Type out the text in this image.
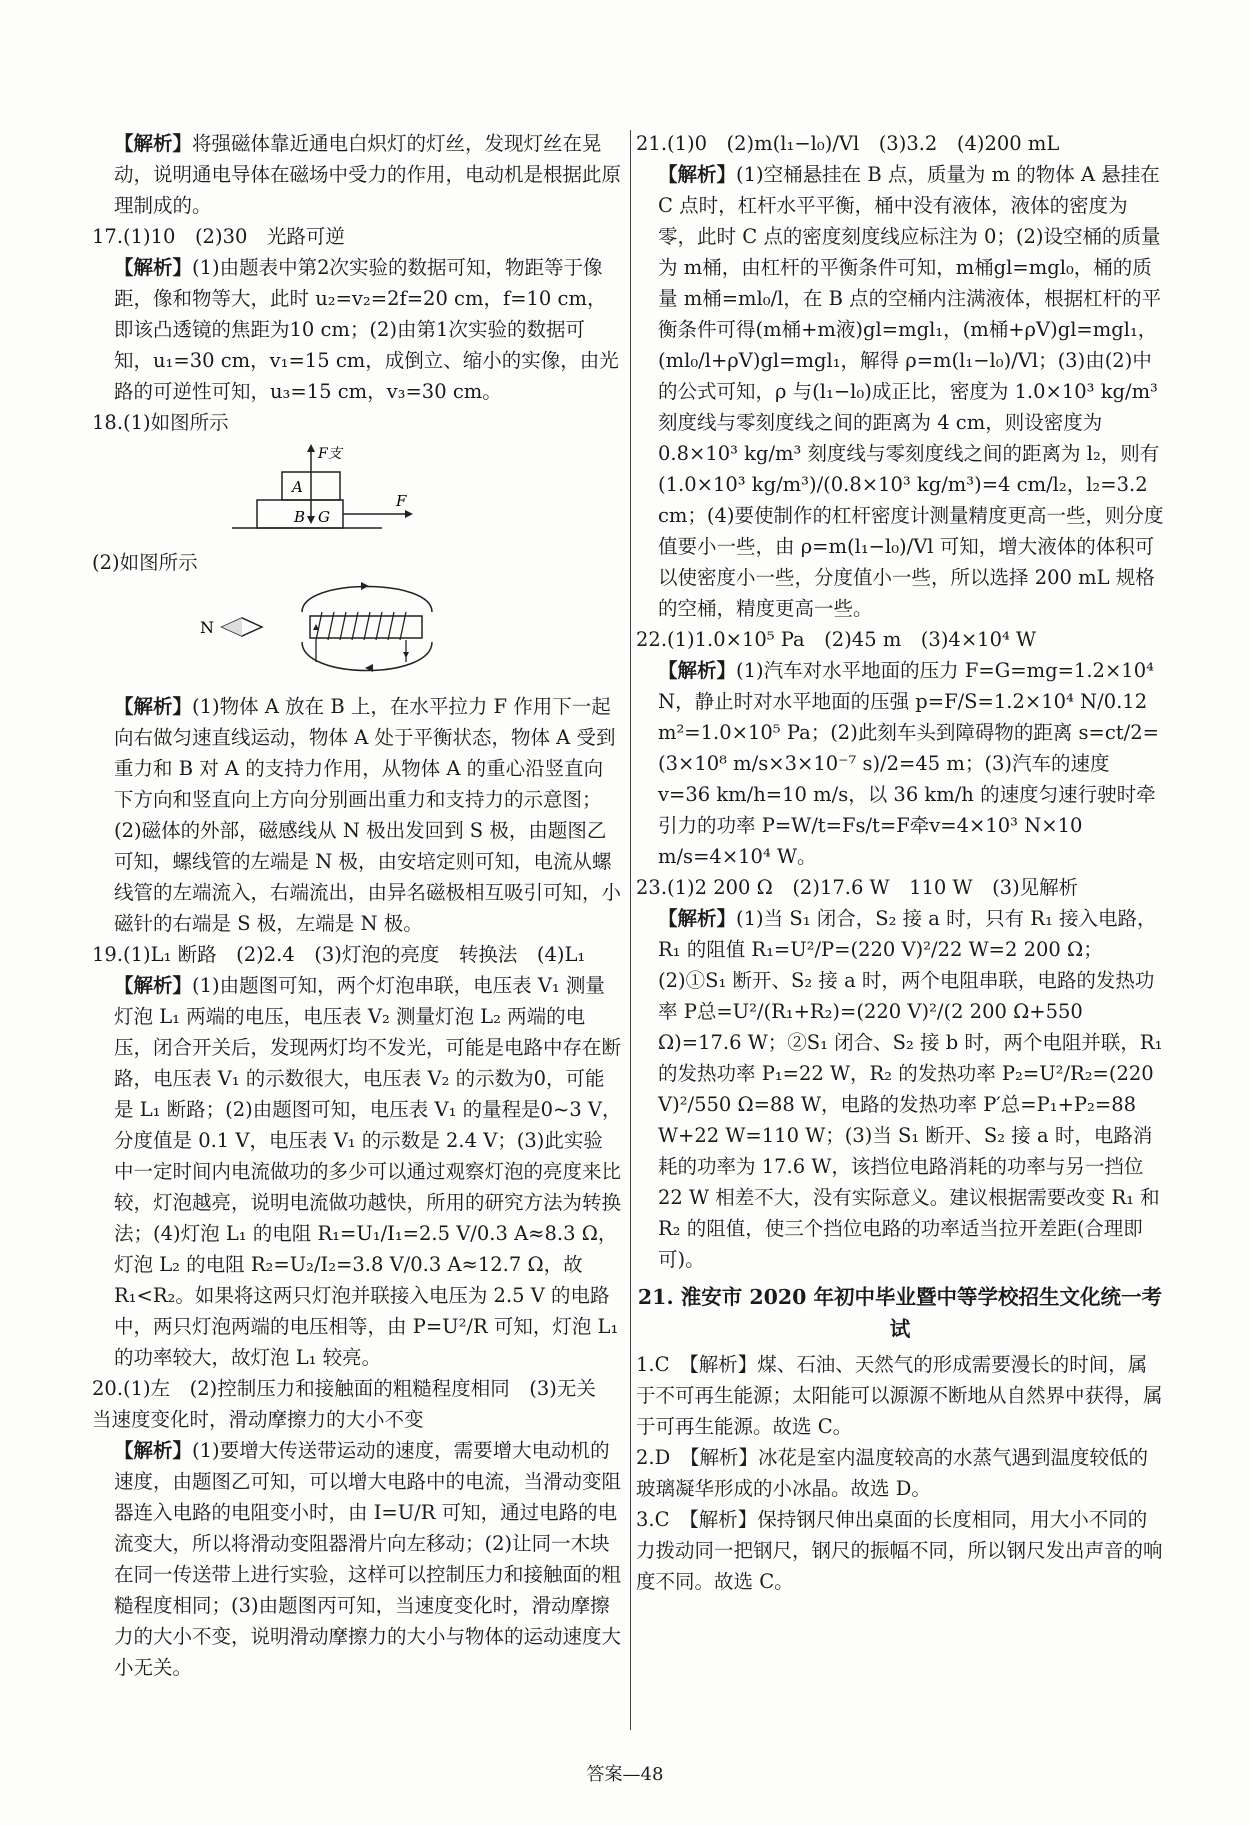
【解析】将强磁体靠近通电白炽灯的灯丝，发现灯丝在晃动，说明通电导体在磁场中受力的作用，电动机是根据此原理制成的。

17.(1)10　(2)30　光路可逆

【解析】(1)由题表中第2次实验的数据可知，物距等于像距，像和物等大，此时 u₂=v₂=2f=20 cm，f=10 cm，即该凸透镜的焦距为10 cm；(2)由第1次实验的数据可知，u₁=30 cm，v₁=15 cm，成倒立、缩小的实像，由光路的可逆性可知，u₃=15 cm，v₃=30 cm。

18.(1)如图所示

F支
A
B G
F

(2)如图所示

N

【解析】(1)物体 A 放在 B 上，在水平拉力 F 作用下一起向右做匀速直线运动，物体 A 处于平衡状态，物体 A 受到重力和 B 对 A 的支持力作用，从物体 A 的重心沿竖直向下方向和竖直向上方向分别画出重力和支持力的示意图；(2)磁体的外部，磁感线从 N 极出发回到 S 极，由题图乙可知，螺线管的左端是 N 极，由安培定则可知，电流从螺线管的左端流入，右端流出，由异名磁极相互吸引可知，小磁针的右端是 S 极，左端是 N 极。

19.(1)L₁ 断路　(2)2.4　(3)灯泡的亮度　转换法　(4)L₁

【解析】(1)由题图可知，两个灯泡串联，电压表 V₁ 测量灯泡 L₁ 两端的电压，电压表 V₂ 测量灯泡 L₂ 两端的电压，闭合开关后，发现两灯均不发光，可能是电路中存在断路，电压表 V₁ 的示数很大，电压表 V₂ 的示数为0，可能是 L₁ 断路；(2)由题图可知，电压表 V₁ 的量程是0~3 V，分度值是 0.1 V，电压表 V₁ 的示数是 2.4 V；(3)此实验中一定时间内电流做功的多少可以通过观察灯泡的亮度来比较，灯泡越亮，说明电流做功越快，所用的研究方法为转换法；(4)灯泡 L₁ 的电阻 R₁=U₁/I₁=2.5 V/0.3 A≈8.3 Ω，灯泡 L₂ 的电阻 R₂=U₂/I₂=3.8 V/0.3 A≈12.7 Ω，故 R₁<R₂。如果将这两只灯泡并联接入电压为 2.5 V 的电路中，两只灯泡两端的电压相等，由 P=U²/R 可知，灯泡 L₁ 的功率较大，故灯泡 L₁ 较亮。

20.(1)左　(2)控制压力和接触面的粗糙程度相同　(3)无关　当速度变化时，滑动摩擦力的大小不变

【解析】(1)要增大传送带运动的速度，需要增大电动机的速度，由题图乙可知，可以增大电路中的电流，当滑动变阻器连入电路的电阻变小时，由 I=U/R 可知，通过电路的电流变大，所以将滑动变阻器滑片向左移动；(2)让同一木块在同一传送带上进行实验，这样可以控制压力和接触面的粗糙程度相同；(3)由题图丙可知，当速度变化时，滑动摩擦力的大小不变，说明滑动摩擦力的大小与物体的运动速度大小无关。

21.(1)0　(2)m(l₁−l₀)/Vl　(3)3.2　(4)200 mL

【解析】(1)空桶悬挂在 B 点，质量为 m 的物体 A 悬挂在 C 点时，杠杆水平平衡，桶中没有液体，液体的密度为零，此时 C 点的密度刻度线应标注为 0；(2)设空桶的质量为 m桶，由杠杆的平衡条件可知，m桶gl=mgl₀，桶的质量 m桶=ml₀/l，在 B 点的空桶内注满液体，根据杠杆的平衡条件可得(m桶+m液)gl=mgl₁，(m桶+ρV)gl=mgl₁，(ml₀/l+ρV)gl=mgl₁，解得 ρ=m(l₁−l₀)/Vl；(3)由(2)中的公式可知，ρ 与(l₁−l₀)成正比，密度为 1.0×10³ kg/m³ 刻度线与零刻度线之间的距离为 4 cm，则设密度为 0.8×10³ kg/m³ 刻度线与零刻度线之间的距离为 l₂，则有 (1.0×10³ kg/m³)/(0.8×10³ kg/m³)=4 cm/l₂，l₂=3.2 cm；(4)要使制作的杠杆密度计测量精度更高一些，则分度值要小一些，由 ρ=m(l₁−l₀)/Vl 可知，增大液体的体积可以使密度小一些，分度值小一些，所以选择 200 mL 规格的空桶，精度更高一些。

22.(1)1.0×10⁵ Pa　(2)45 m　(3)4×10⁴ W

【解析】(1)汽车对水平地面的压力 F=G=mg=1.2×10⁴ N，静止时对水平地面的压强 p=F/S=1.2×10⁴ N/0.12 m²=1.0×10⁵ Pa；(2)此刻车头到障碍物的距离 s=ct/2=(3×10⁸ m/s×3×10⁻⁷ s)/2=45 m；(3)汽车的速度 v=36 km/h=10 m/s，以 36 km/h 的速度匀速行驶时牵引力的功率 P=W/t=Fs/t=F牵v=4×10³ N×10 m/s=4×10⁴ W。

23.(1)2 200 Ω　(2)17.6 W　110 W　(3)见解析

【解析】(1)当 S₁ 闭合，S₂ 接 a 时，只有 R₁ 接入电路，R₁ 的阻值 R₁=U²/P=(220 V)²/22 W=2 200 Ω；(2)①S₁ 断开、S₂ 接 a 时，两个电阻串联，电路的发热功率 P总=U²/(R₁+R₂)=(220 V)²/(2 200 Ω+550 Ω)=17.6 W；②S₁ 闭合、S₂ 接 b 时，两个电阻并联，R₁ 的发热功率 P₁=22 W，R₂ 的发热功率 P₂=U²/R₂=(220 V)²/550 Ω=88 W，电路的发热功率 P′总=P₁+P₂=88 W+22 W=110 W；(3)当 S₁ 断开、S₂ 接 a 时，电路消耗的功率为 17.6 W，该挡位电路消耗的功率与另一挡位 22 W 相差不大，没有实际意义。建议根据需要改变 R₁ 和 R₂ 的阻值，使三个挡位电路的功率适当拉开差距(合理即可)。

21. 淮安市 2020 年初中毕业暨中等学校招生文化统一考试

1.C　【解析】煤、石油、天然气的形成需要漫长的时间，属于不可再生能源；太阳能可以源源不断地从自然界中获得，属于可再生能源。故选 C。

2.D　【解析】冰花是室内温度较高的水蒸气遇到温度较低的玻璃凝华形成的小冰晶。故选 D。

3.C　【解析】保持钢尺伸出桌面的长度相同，用大小不同的力拨动同一把钢尺，钢尺的振幅不同，所以钢尺发出声音的响度不同。故选 C。

答案—48
